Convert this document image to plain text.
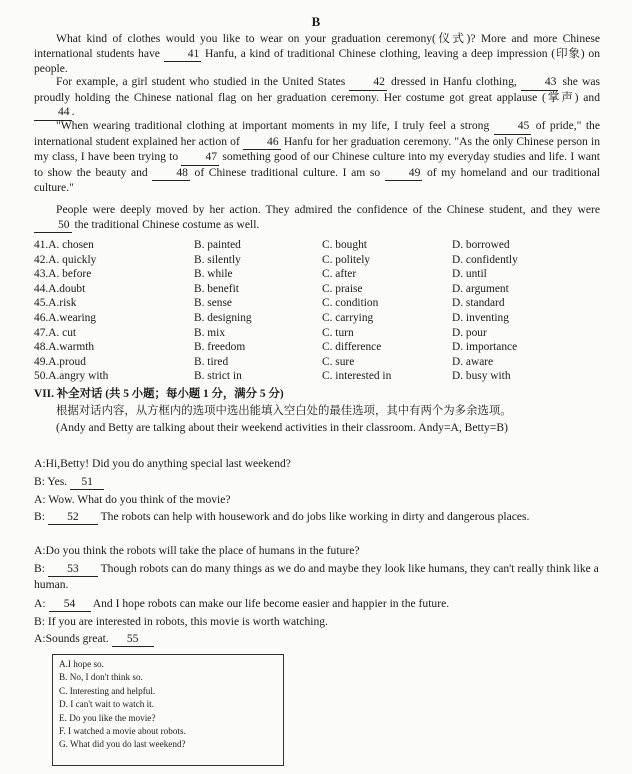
B
What kind of clothes would you like to wear on your graduation ceremony(仪式)? More and more Chinese international students have 41 Hanfu, a kind of traditional Chinese clothing, leaving a deep impression (印象) on people.
For example, a girl student who studied in the United States 42 dressed in Hanfu clothing, 43 she was proudly holding the Chinese national flag on her graduation ceremony. Her costume got great applause (掌声) and 44 .
"When wearing traditional clothing at important moments in my life, I truly feel a strong 45 of pride," the international student explained her action of 46 Hanfu for her graduation ceremony. "As the only Chinese person in my class, I have been trying to 47 something good of our Chinese culture into my everyday studies and life. I want to show the beauty and 48 of Chinese traditional culture. I am so 49 of my homeland and our traditional culture."
People were deeply moved by her action. They admired the confidence of the Chinese student, and they were 50 the traditional Chinese costume as well.
41.A. chosen	B. painted	C. bought	D. borrowed
42.A. quickly	B. silently	C. politely	D. confidently
43.A. before	B. while	C. after	D. until
44.A.doubt	B. benefit	C. praise	D. argument
45.A.risk	B. sense	C. condition	D. standard
46.A.wearing	B. designing	C. carrying	D. inventing
47.A. cut	B. mix	C. turn	D. pour
48.A.warmth	B. freedom	C. difference	D. importance
49.A.proud	B. tired	C. sure	D. aware
50.A.angry with	B. strict in	C. interested in	D. busy with
VII. 补全对话 (共 5 小题；每小题 1 分，满分 5 分)
根据对话内容，从方框内的选项中选出能填入空白处的最佳选项，其中有两个为多余选项。
(Andy and Betty are talking about their weekend activities in their classroom. Andy=A, Betty=B)
A:Hi,Betty! Did you do anything special last weekend?
B: Yes. 51
A: Wow. What do you think of the movie?
B: 52 The robots can help with housework and do jobs like working in dirty and dangerous places.
A:Do you think the robots will take the place of humans in the future?
B: 53 Though robots can do many things as we do and maybe they look like humans, they can't really think like a human.
A: 54 And I hope robots can make our life become easier and happier in the future.
B: If you are interested in robots, this movie is worth watching.
A:Sounds great. 55
A.I hope so.
B. No, I don't think so.
C. Interesting and helpful.
D. I can't wait to watch it.
E. Do you like the movie?
F. I watched a movie about robots.
G. What did you do last weekend?
